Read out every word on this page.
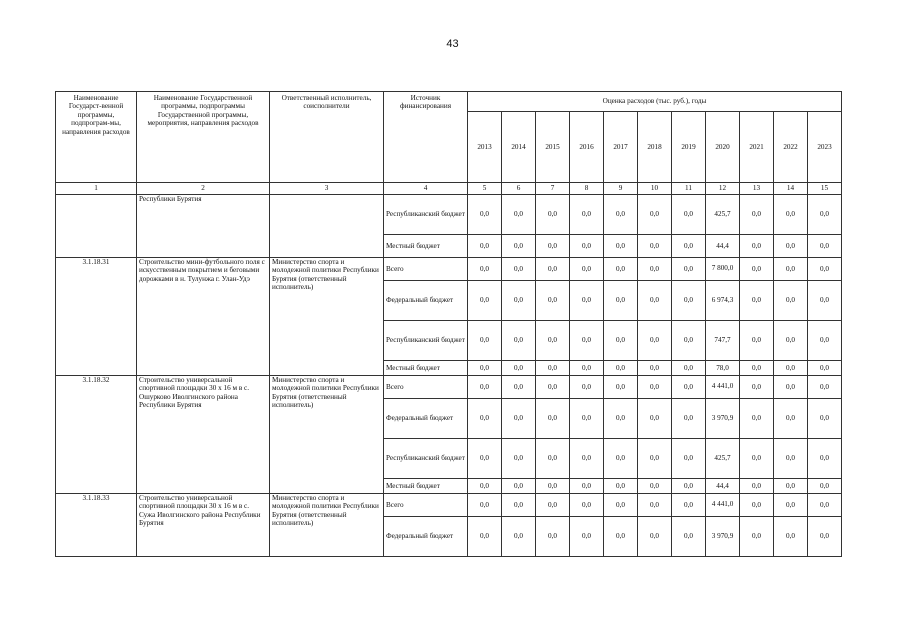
43
Наименование Государст-венной программы, подпрограм-мы, направления расходов	Наименование Государственной программы, подпрограммы Государственной программы, мероприятия, направления расходов	Ответственный исполнитель, соисполнители	Источник финансирования	Оценка расходов (тыс. руб.), годы										
				2013	2014	2015	2016	2017	2018	2019	2020	2021	2022	2023
1	2	3	4	5	6	7	8	9	10	11	12	13	14	15
	Республики Бурятия		Республиканский бюджет	0,0	0,0	0,0	0,0	0,0	0,0	0,0	425,7	0,0	0,0	0,0
			Местный бюджет	0,0	0,0	0,0	0,0	0,0	0,0	0,0	44,4	0,0	0,0	0,0
3.1.18.31	Строительство мини-футбольного поля с искусственным покрытием и беговыми дорожками в н. Тулунжа г. Улан-Удэ	Министерство спорта и молодежной политики Республики Бурятия (ответственный исполнитель)	Всего	0,0	0,0	0,0	0,0	0,0	0,0	0,0	7 800,0	0,0	0,0	0,0
			Федеральный бюджет	0,0	0,0	0,0	0,0	0,0	0,0	0,0	6 974,3	0,0	0,0	0,0
			Республиканский бюджет	0,0	0,0	0,0	0,0	0,0	0,0	0,0	747,7	0,0	0,0	0,0
			Местный бюджет	0,0	0,0	0,0	0,0	0,0	0,0	0,0	78,0	0,0	0,0	0,0
3.1.18.32	Строительство универсальной спортивной площадки 30 х 16 м в с. Ошурково Иволгинского района Республики Бурятия	Министерство спорта и молодежной политики Республики Бурятия (ответственный исполнитель)	Всего	0,0	0,0	0,0	0,0	0,0	0,0	0,0	4 441,0	0,0	0,0	0,0
			Федеральный бюджет	0,0	0,0	0,0	0,0	0,0	0,0	0,0	3 970,9	0,0	0,0	0,0
			Республиканский бюджет	0,0	0,0	0,0	0,0	0,0	0,0	0,0	425,7	0,0	0,0	0,0
			Местный бюджет	0,0	0,0	0,0	0,0	0,0	0,0	0,0	44,4	0,0	0,0	0,0
3.1.18.33	Строительство универсальной спортивной площадки 30 х 16 м в с. Сужа Иволгинского района Республики Бурятия	Министерство спорта и молодежной политики Республики Бурятия (ответственный исполнитель)	Всего	0,0	0,0	0,0	0,0	0,0	0,0	0,0	4 441,0	0,0	0,0	0,0
			Федеральный бюджет	0,0	0,0	0,0	0,0	0,0	0,0	0,0	3 970,9	0,0	0,0	0,0
